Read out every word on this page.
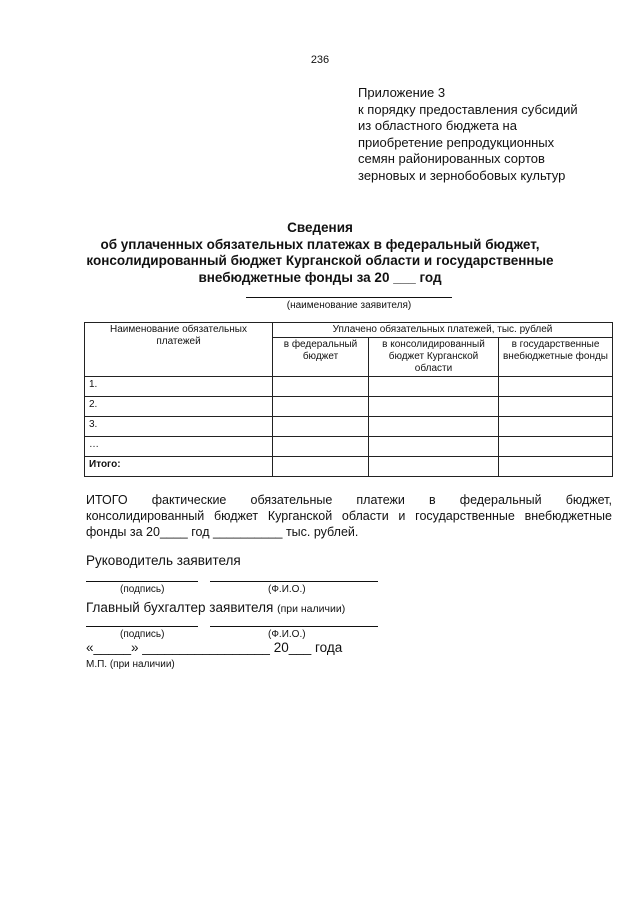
236
Приложение 3
к порядку предоставления субсидий
из областного бюджета на
приобретение репродукционных
семян районированных сортов
зерновых и зернобобовых культур
Сведения
об уплаченных обязательных платежах в федеральный бюджет,
консолидированный бюджет Курганской области и государственные
внебюджетные фонды за 20 ___ год
(наименование заявителя)
Наименование обязательных платежей	Уплачено обязательных платежей, тыс. рублей		
	в федеральный бюджет	в консолидированный бюджет Курганской области	в государственные внебюджетные фонды
1.			
2.			
3.			
…			
Итого:			
ИТОГО фактические обязательные платежи в федеральный бюджет,
консолидированный бюджет Курганской области и государственные внебюджетные
фонды за 20____ год __________ тыс. рублей.
Руководитель заявителя
(подпись)	(Ф.И.О.)
Главный бухгалтер заявителя (при наличии)
(подпись)	(Ф.И.О.)
«_____» _________________ 20___ года
М.П. (при наличии)
